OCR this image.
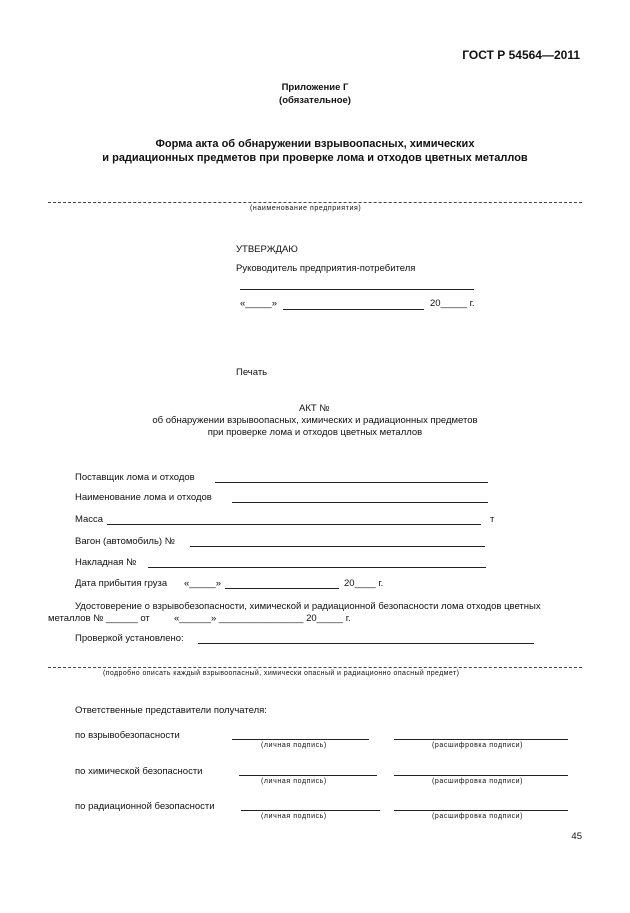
ГОСТ Р 54564—2011
Приложение Г
(обязательное)
Форма акта об обнаружении взрывоопасных, химических
и радиационных предметов при проверке лома и отходов цветных металлов
(наименование предприятия)
УТВЕРЖДАЮ
Руководитель предприятия-потребителя
«_____»	20_____ г.
Печать
АКТ №
об обнаружении взрывоопасных, химических и радиационных предметов
при проверке лома и отходов цветных металлов
Поставщик лома и отходов
Наименование лома и отходов
Масса	т
Вагон (автомобиль) №
Накладная №
Дата прибытия груза «_____»	20____ г.
Удостоверение о взрывобезопасности, химической и радиационной безопасности лома отходов цветных
металлов № ______ от	«______» ________________ 20_____ г.
Проверкой установлено:
(подробно описать каждый взрывоопасный, химически опасный и радиационно опасный предмет)
Ответственные представители получателя:
по взрывобезопасности
(личная подпись)	(расшифровка подписи)
по химической безопасности
(личная подпись)	(расшифровка подписи)
по радиационной безопасности
(личная подпись)	(расшифровка подписи)
45
